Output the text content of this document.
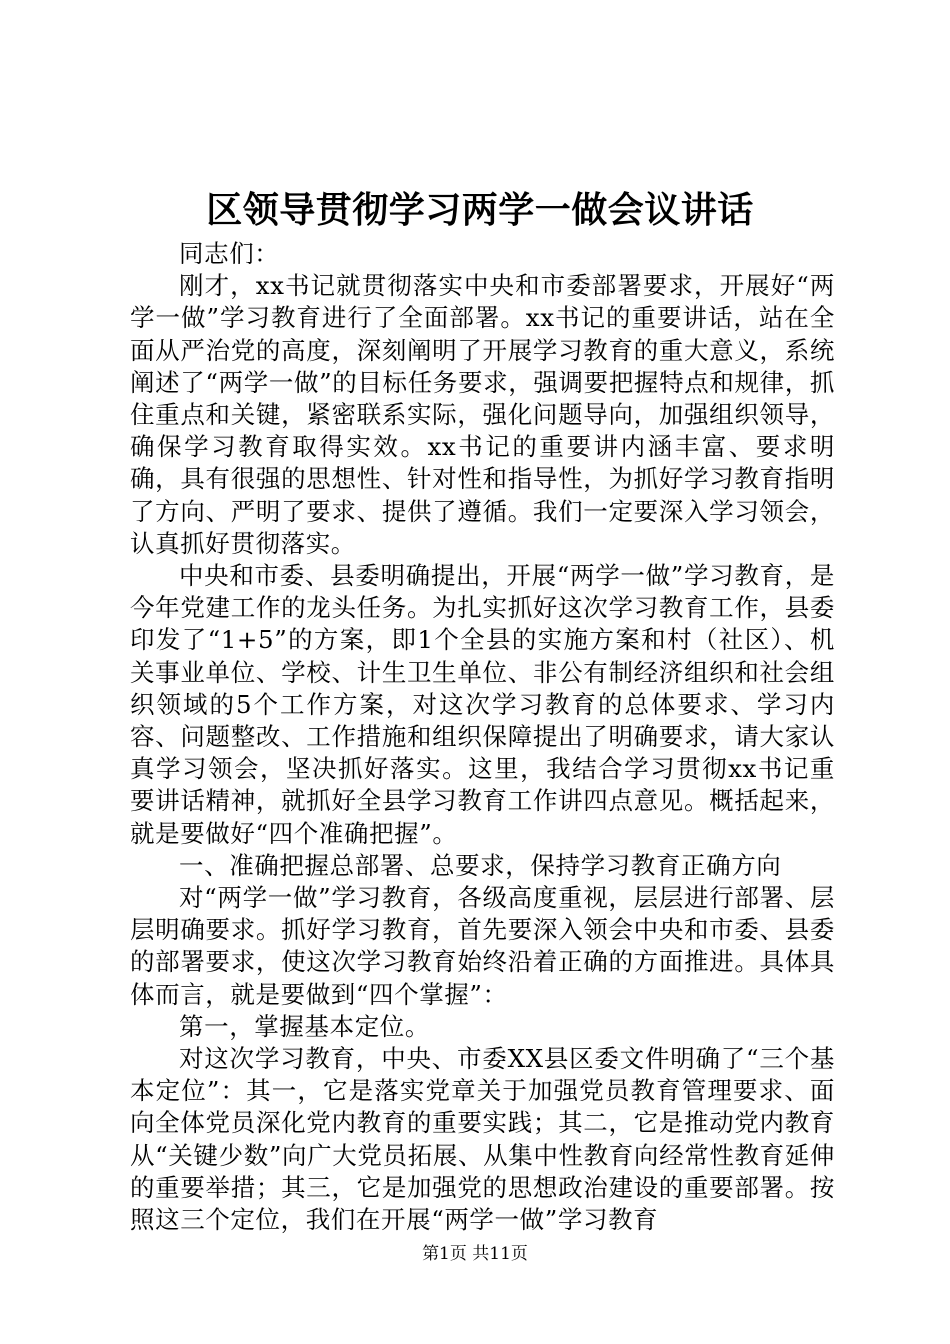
区领导贯彻学习两学一做会议讲话

同志们：

刚才，xx书记就贯彻落实中央和市委部署要求，开展好“两学一做”学习教育进行了全面部署。xx书记的重要讲话，站在全面从严治党的高度，深刻阐明了开展学习教育的重大意义，系统阐述了“两学一做”的目标任务要求，强调要把握特点和规律，抓住重点和关键，紧密联系实际，强化问题导向，加强组织领导，确保学习教育取得实效。xx书记的重要讲内涵丰富、要求明确，具有很强的思想性、针对性和指导性，为抓好学习教育指明了方向、严明了要求、提供了遵循。我们一定要深入学习领会，认真抓好贯彻落实。

中央和市委、县委明确提出，开展“两学一做”学习教育，是今年党建工作的龙头任务。为扎实抓好这次学习教育工作，县委印发了“1+5”的方案，即1个全县的实施方案和村（社区）、机关事业单位、学校、计生卫生单位、非公有制经济组织和社会组织领域的5个工作方案，对这次学习教育的总体要求、学习内容、问题整改、工作措施和组织保障提出了明确要求，请大家认真学习领会，坚决抓好落实。这里，我结合学习贯彻xx书记重要讲话精神，就抓好全县学习教育工作讲四点意见。概括起来，就是要做好“四个准确把握”。

一、准确把握总部署、总要求，保持学习教育正确方向

对“两学一做”学习教育，各级高度重视，层层进行部署、层层明确要求。抓好学习教育，首先要深入领会中央和市委、县委的部署要求，使这次学习教育始终沿着正确的方面推进。具体具体而言，就是要做到“四个掌握”：

第一，掌握基本定位。

对这次学习教育，中央、市委XX县区委文件明确了“三个基本定位”：其一，它是落实党章关于加强党员教育管理要求、面向全体党员深化党内教育的重要实践；其二，它是推动党内教育从“关键少数”向广大党员拓展、从集中性教育向经常性教育延伸的重要举措；其三，它是加强党的思想政治建设的重要部署。按照这三个定位，我们在开展“两学一做”学习教育

第1页 共11页
